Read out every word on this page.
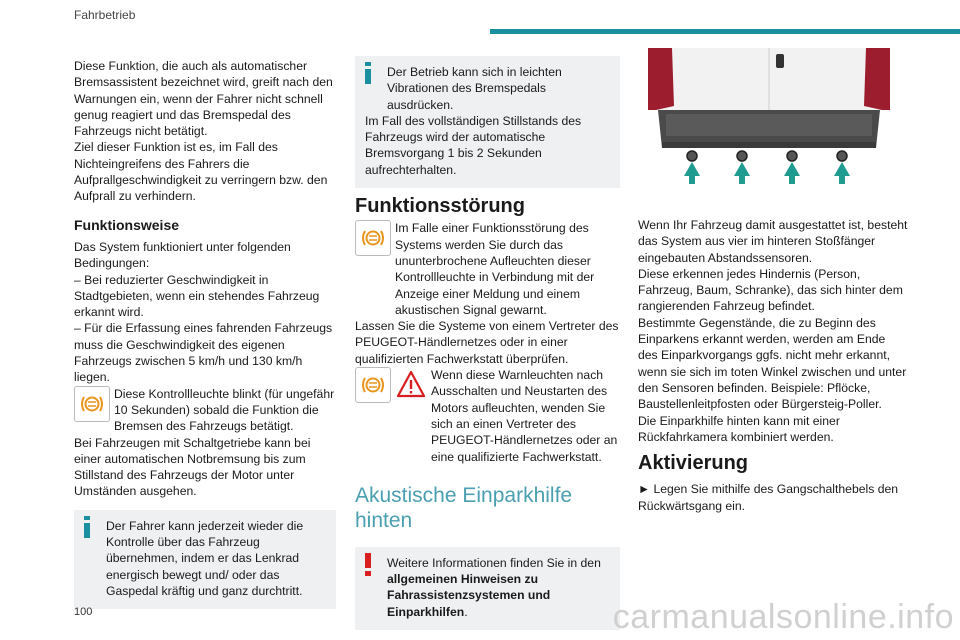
Fahrbetrieb

Diese Funktion, die auch als automatischer Bremsassistent bezeichnet wird, greift nach den Warnungen ein, wenn der Fahrer nicht schnell genug reagiert und das Bremspedal des Fahrzeugs nicht betätigt.

Ziel dieser Funktion ist es, im Fall des Nichteingreifens des Fahrers die Aufprallgeschwindigkeit zu verringern bzw. den Aufprall zu verhindern.

Funktionsweise

Das System funktioniert unter folgenden Bedingungen:

– Bei reduzierter Geschwindigkeit in Stadtgebieten, wenn ein stehendes Fahrzeug erkannt wird.

– Für die Erfassung eines fahrenden Fahrzeugs muss die Geschwindigkeit des eigenen Fahrzeugs zwischen 5 km/h und 130 km/h liegen.

Diese Kontrollleuchte blinkt (für ungefähr 10 Sekunden) sobald die Funktion die Bremsen des Fahrzeugs betätigt.

Bei Fahrzeugen mit Schaltgetriebe kann bei einer automatischen Notbremsung bis zum Stillstand des Fahrzeugs der Motor unter Umständen ausgehen.

Der Fahrer kann jederzeit wieder die Kontrolle über das Fahrzeug übernehmen, indem er das Lenkrad energisch bewegt und/ oder das Gaspedal kräftig und ganz durchtritt.

Der Betrieb kann sich in leichten Vibrationen des Bremspedals ausdrücken.

Im Fall des vollständigen Stillstands des Fahrzeugs wird der automatische Bremsvorgang 1 bis 2 Sekunden aufrechterhalten.

Funktionsstörung

Im Falle einer Funktionsstörung des Systems werden Sie durch das ununterbrochene Aufleuchten dieser Kontrollleuchte in Verbindung mit der Anzeige einer Meldung und einem akustischen Signal gewarnt.

Lassen Sie die Systeme von einem Vertreter des PEUGEOT-Händlernetzes oder in einer qualifizierten Fachwerkstatt überprüfen.

Wenn diese Warnleuchten nach Ausschalten und Neustarten des Motors aufleuchten, wenden Sie sich an einen Vertreter des PEUGEOT-Händlernetzes oder an eine qualifizierte Fachwerkstatt.

Akustische Einparkhilfe hinten

Weitere Informationen finden Sie in den allgemeinen Hinweisen zu Fahrassistenzsystemen und Einparkhilfen.

Wenn Ihr Fahrzeug damit ausgestattet ist, besteht das System aus vier im hinteren Stoßfänger eingebauten Abstandssensoren.

Diese erkennen jedes Hindernis (Person, Fahrzeug, Baum, Schranke), das sich hinter dem rangierenden Fahrzeug befindet.

Bestimmte Gegenstände, die zu Beginn des Einparkens erkannt werden, werden am Ende des Einparkvorgangs ggfs. nicht mehr erkannt, wenn sie sich im toten Winkel zwischen und unter den Sensoren befinden. Beispiele: Pflöcke, Baustellenleitpfosten oder Bürgersteig-Poller.

Die Einparkhilfe hinten kann mit einer Rückfahrkamera kombiniert werden.

Aktivierung

► Legen Sie mithilfe des Gangschalthebels den Rückwärtsgang ein.

100	carmanualsonline.info
